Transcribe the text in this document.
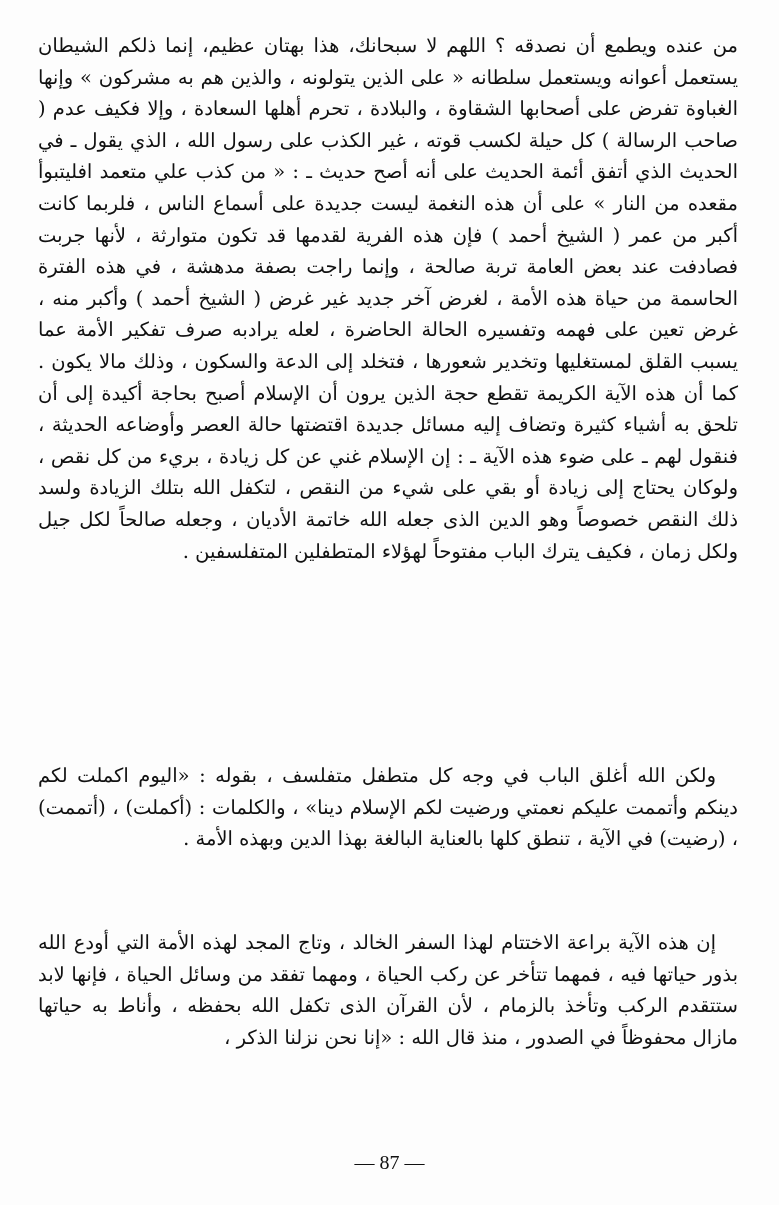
من عنده ويطمع أن نصدقه ؟ اللهم لا سبحانك، هذا بهتان عظيم، إنما ذلكم الشيطان يستعمل أعوانه ويستعمل سلطانه « على الذين يتولونه ، والذين هم به مشركون » وإنها الغباوة تفرض على أصحابها الشقاوة ، والبلادة ، تحرم أهلها السعادة ، وإلا فكيف عدم ( صاحب الرسالة ) كل حيلة لكسب قوته ، غير الكذب على رسول الله ، الذي يقول ـ في الحديث الذي أتفق أئمة الحديث على أنه أصح حديث ـ : « من كذب علي متعمد افليتبوأ مقعده من النار » على أن هذه النغمة ليست جديدة على أسماع الناس ، فلربما كانت أكبر من عمر ( الشيخ أحمد ) فإن هذه الفرية لقدمها قد تكون متوارثة ، لأنها جربت فصادفت عند بعض العامة تربة صالحة ، وإنما راجت بصفة مدهشة ، في هذه الفترة الحاسمة من حياة هذه الأمة ، لغرض آخر جديد غير غرض ( الشيخ أحمد ) وأكبر منه ، غرض تعين على فهمه وتفسيره الحالة الحاضرة ، لعله يرادبه صرف تفكير الأمة عما يسبب القلق لمستغليها وتخدير شعورها ، فتخلد إلى الدعة والسكون ، وذلك مالا يكون . كما أن هذه الآية الكريمة تقطع حجة الذين يرون أن الإسلام أصبح بحاجة أكيدة إلى أن تلحق به أشياء كثيرة وتضاف إليه مسائل جديدة اقتضتها حالة العصر وأوضاعه الحديثة ، فنقول لهم ـ على ضوء هذه الآية ـ : إن الإسلام غني عن كل زيادة ، بريء من كل نقص ، ولوكان يحتاج إلى زيادة أو بقي على شيء من النقص ، لتكفل الله بتلك الزيادة ولسد ذلك النقص خصوصاً وهو الدين الذى جعله الله خاتمة الأديان ، وجعله صالحاً لكل جيل ولكل زمان ، فكيف يترك الباب مفتوحاً لهؤلاء المتطفلين المتفلسفين .

ولكن الله أغلق الباب في وجه كل متطفل متفلسف ، بقوله : «اليوم اكملت لكم دينكم وأتممت عليكم نعمتي ورضيت لكم الإسلام دينا» ، والكلمات : (أكملت) ، (أتممت) ، (رضيت) في الآية ، تنطق كلها بالعناية البالغة بهذا الدين وبهذه الأمة .

إن هذه الآية براعة الاختتام لهذا السفر الخالد ، وتاج المجد لهذه الأمة التي أودع الله بذور حياتها فيه ، فمهما تتأخر عن ركب الحياة ، ومهما تفقد من وسائل الحياة ، فإنها لابد ستتقدم الركب وتأخذ بالزمام ، لأن القرآن الذى تكفل الله بحفظه ، وأناط به حياتها مازال محفوظاً في الصدور ، منذ قال الله : «إنا نحن نزلنا الذكر ،

— 87 —
